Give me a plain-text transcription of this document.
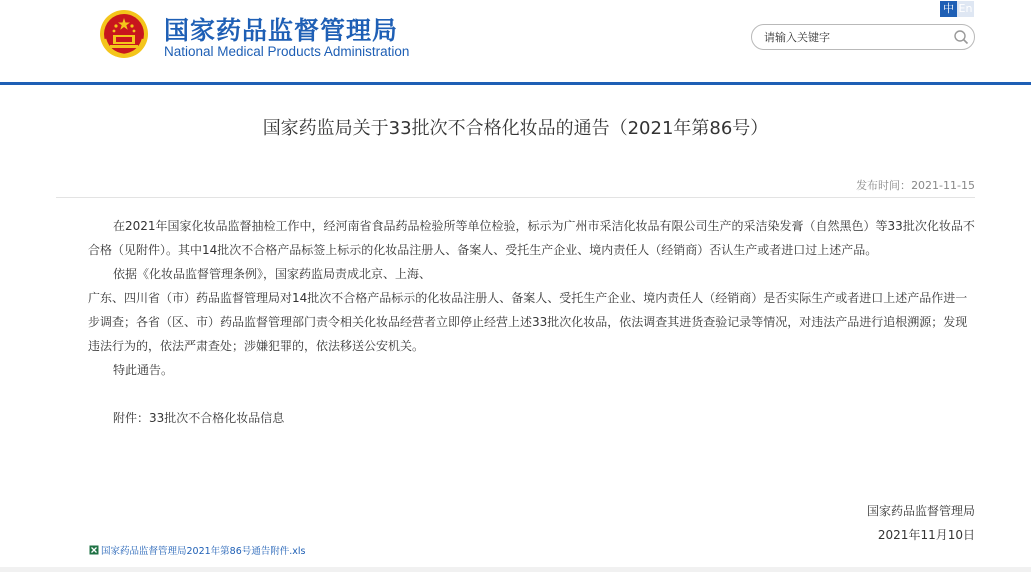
国家药品监督管理局
National Medical Products Administration
中 En
请输入关键字
国家药监局关于33批次不合格化妆品的通告（2021年第86号）
发布时间：2021-11-15

在2021年国家化妆品监督抽检工作中，经河南省食品药品检验所等单位检验，标示为广州市采洁化妆品有限公司生产的采洁染发膏（自然黑色）等33批次化妆品不合格（见附件）。其中14批次不合格产品标签上标示的化妆品注册人、备案人、受托生产企业、境内责任人（经销商）否认生产或者进口过上述产品。

依据《化妆品监督管理条例》，国家药监局责成北京、上海、

广东、四川省（市）药品监督管理局对14批次不合格产品标示的化妆品注册人、备案人、受托生产企业、境内责任人（经销商）是否实际生产或者进口上述产品作进一步调查；各省（区、市）药品监督管理部门责令相关化妆品经营者立即停止经营上述33批次化妆品，依法调查其进货查验记录等情况，对违法产品进行追根溯源；发现违法行为的，依法严肃查处；涉嫌犯罪的，依法移送公安机关。

特此通告。

附件：33批次不合格化妆品信息

国家药品监督管理局
2021年11月10日
国家药品监督管理局2021年第86号通告附件.xls
